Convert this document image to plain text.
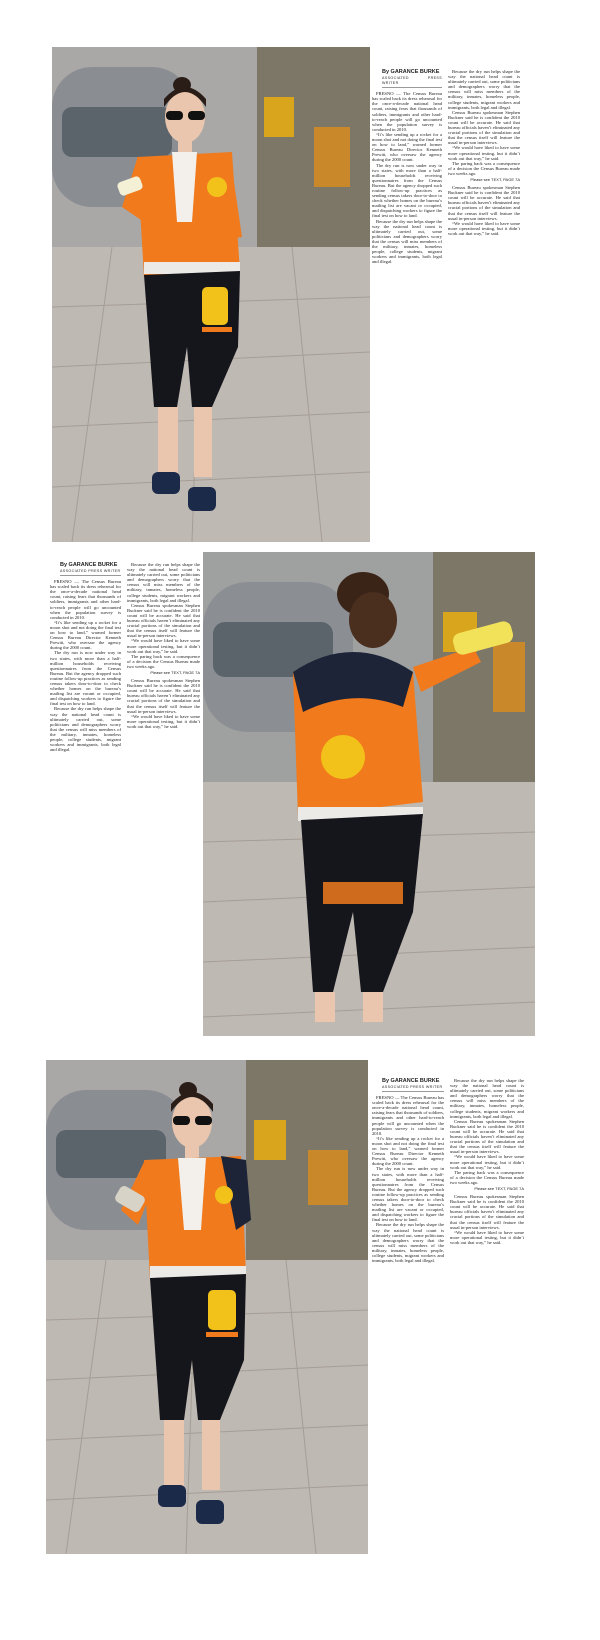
By GARANCE BURKE
ASSOCIATED PRESS WRITER

FRESNO — The Census Bureau has scaled back its dress rehearsal for the once-a-decade national head count, raising fears that thousands of soldiers, immigrants and other hard-to-reach people will go uncounted when the population survey is conducted in 2010.

“It’s like sending up a rocket for a moon shot and not doing the final test on how to land,” warned former Census Bureau Director Kenneth Prewitt, who oversaw the agency during the 2000 count.

The dry run is now under way in two states, with more than a half-million households receiving questionnaires from the Census Bureau. But the agency dropped such routine follow-up practices as sending census takers door-to-door to check whether homes on the bureau’s mailing list are vacant or occupied, and dispatching workers to figure the final test on how to land.

Because the dry run helps shape the way the national head count is ultimately carried out, some politicians and demographers worry that the census will miss members of the military, inmates, homeless people, college students, migrant workers and immigrants, both legal and illegal.

Because the dry run helps shape the way the national head count is ultimately carried out, some politicians and demographers worry that the census will miss members of the military, inmates, homeless people, college students, migrant workers and immigrants, both legal and illegal.

Census Bureau spokesman Stephen Buckner said he is confident the 2010 count will be accurate. He said that bureau officials haven’t eliminated any crucial portions of the simulation and that the census itself will feature the usual in-person interviews.

“We would have liked to have some more operational testing, but it didn’t work out that way,” he said.

The paring back was a consequence of a decision the Census Bureau made two weeks ago.

Please see TEXT, PAGE 7A

Census Bureau spokesman Stephen Buckner said he is confident the 2010 count will be accurate. He said that bureau officials haven’t eliminated any crucial portions of the simulation and that the census itself will feature the usual in-person interviews.

“We would have liked to have some more operational testing, but it didn’t work out that way,” he said.

By GARANCE BURKE
ASSOCIATED PRESS WRITER

FRESNO — The Census Bureau has scaled back its dress rehearsal for the once-a-decade national head count, raising fears that thousands of soldiers, immigrants and other hard-to-reach people will go uncounted when the population survey is conducted in 2010.

“It’s like sending up a rocket for a moon shot and not doing the final test on how to land,” warned former Census Bureau Director Kenneth Prewitt, who oversaw the agency during the 2000 count.

The dry run is now under way in two states, with more than a half-million households receiving questionnaires from the Census Bureau. But the agency dropped such routine follow-up practices as sending census takers door-to-door to check whether homes on the bureau’s mailing list are vacant or occupied, and dispatching workers to figure the final test on how to land.

Because the dry run helps shape the way the national head count is ultimately carried out, some politicians and demographers worry that the census will miss members of the military, inmates, homeless people, college students, migrant workers and immigrants, both legal and illegal.

Because the dry run helps shape the way the national head count is ultimately carried out, some politicians and demographers worry that the census will miss members of the military, inmates, homeless people, college students, migrant workers and immigrants, both legal and illegal.

Census Bureau spokesman Stephen Buckner said he is confident the 2010 count will be accurate. He said that bureau officials haven’t eliminated any crucial portions of the simulation and that the census itself will feature the usual in-person interviews.

“We would have liked to have some more operational testing, but it didn’t work out that way,” he said.

The paring back was a consequence of a decision the Census Bureau made two weeks ago.

Please see TEXT, PAGE 7A

Census Bureau spokesman Stephen Buckner said he is confident the 2010 count will be accurate. He said that bureau officials haven’t eliminated any crucial portions of the simulation and that the census itself will feature the usual in-person interviews.

“We would have liked to have some more operational testing, but it didn’t work out that way,” he said.

By GARANCE BURKE
ASSOCIATED PRESS WRITER

FRESNO — The Census Bureau has scaled back its dress rehearsal for the once-a-decade national head count, raising fears that thousands of soldiers, immigrants and other hard-to-reach people will go uncounted when the population survey is conducted in 2010.

“It’s like sending up a rocket for a moon shot and not doing the final test on how to land,” warned former Census Bureau Director Kenneth Prewitt, who oversaw the agency during the 2000 count.

The dry run is now under way in two states, with more than a half-million households receiving questionnaires from the Census Bureau. But the agency dropped such routine follow-up practices as sending census takers door-to-door to check whether homes on the bureau’s mailing list are vacant or occupied, and dispatching workers to figure the final test on how to land.

Because the dry run helps shape the way the national head count is ultimately carried out, some politicians and demographers worry that the census will miss members of the military, inmates, homeless people, college students, migrant workers and immigrants, both legal and illegal.

Because the dry run helps shape the way the national head count is ultimately carried out, some politicians and demographers worry that the census will miss members of the military, inmates, homeless people, college students, migrant workers and immigrants, both legal and illegal.

Census Bureau spokesman Stephen Buckner said he is confident the 2010 count will be accurate. He said that bureau officials haven’t eliminated any crucial portions of the simulation and that the census itself will feature the usual in-person interviews.

“We would have liked to have some more operational testing, but it didn’t work out that way,” he said.

The paring back was a consequence of a decision the Census Bureau made two weeks ago.

Please see TEXT, PAGE 7A

Census Bureau spokesman Stephen Buckner said he is confident the 2010 count will be accurate. He said that bureau officials haven’t eliminated any crucial portions of the simulation and that the census itself will feature the usual in-person interviews.

“We would have liked to have some more operational testing, but it didn’t work out that way,” he said.
